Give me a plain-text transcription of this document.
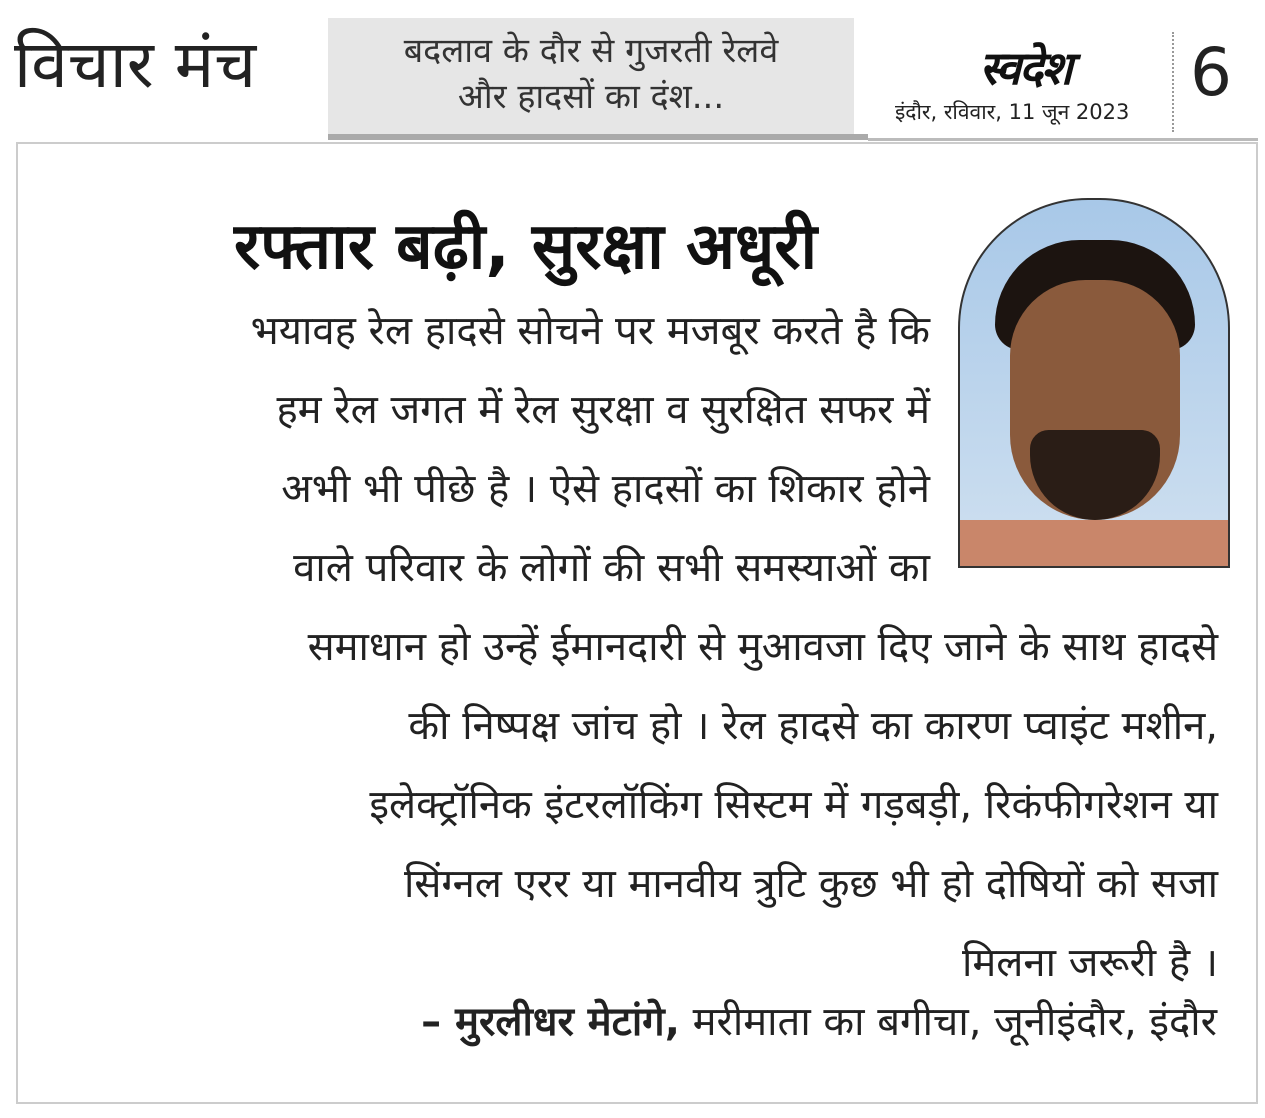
विचार मंच	बदलाव के दौर से गुजरती रेलवे
और हादसों का दंश...
स्वदेश
इंदौर, रविवार, 11 जून 2023
6
रफ्तार बढ़ी, सुरक्षा अधूरी
भयावह रेल हादसे सोचने पर मजबूर करते है कि
हम रेल जगत में रेल सुरक्षा व सुरक्षित सफर में
अभी भी पीछे है । ऐसे हादसों का शिकार होने
वाले परिवार के लोगों की सभी समस्याओं का
समाधान हो उन्हें ईमानदारी से मुआवजा दिए जाने के साथ हादसे
की निष्पक्ष जांच हो । रेल हादसे का कारण प्वाइंट मशीन,
इलेक्ट्रॉनिक इंटरलॉकिंग सिस्टम में गड़बड़ी, रिकंफीगरेशन या
सिंग्नल एरर या मानवीय त्रुटि कुछ भी हो दोषियों को सजा
मिलना जरूरी है ।
– मुरलीधर मेटांगे, मरीमाता का बगीचा, जूनीइंदौर, इंदौर
